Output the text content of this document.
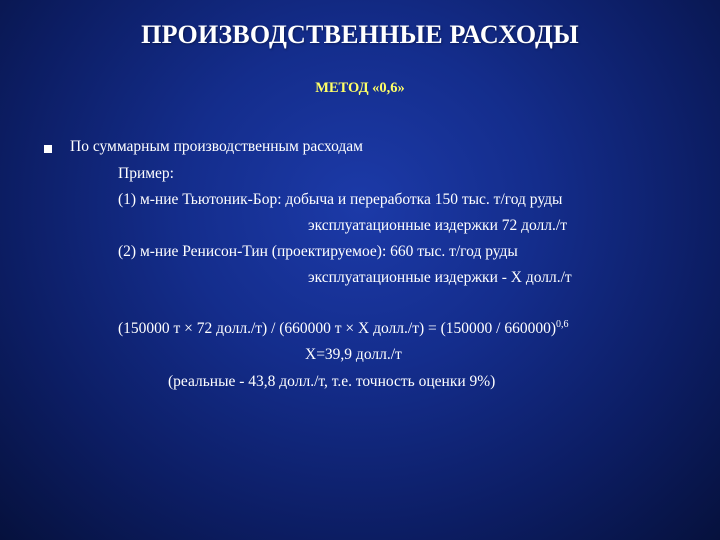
ПРОИЗВОДСТВЕННЫЕ РАСХОДЫ
МЕТОД «0,6»
По суммарным производственным расходам
Пример:
(1) м-ние Тьютоник-Бор: добыча и переработка 150 тыс. т/год руды
эксплуатационные издержки 72 долл./т
(2) м-ние Ренисон-Тин (проектируемое): 660 тыс. т/год руды
эксплуатационные издержки - X долл./т
(150000 т × 72 долл./т) / (660000 т × X долл./т) = (150000 / 660000)$^{0,6}$
X=39,9 долл./т
(реальные - 43,8 долл./т, т.е. точность оценки 9%)
